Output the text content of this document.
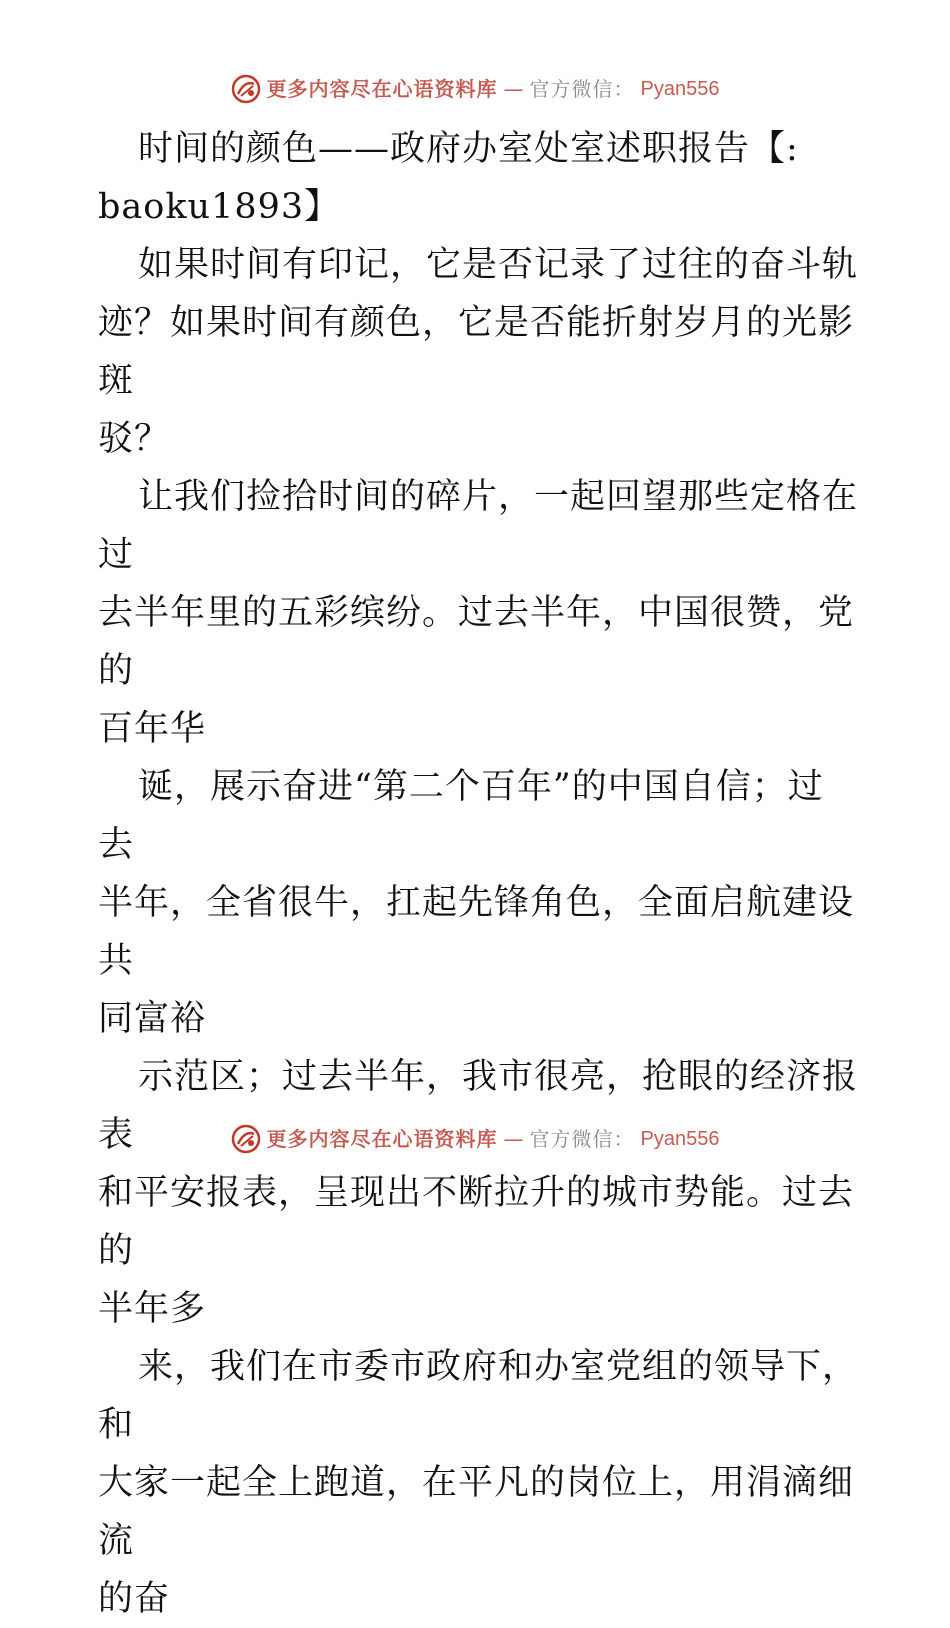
更多内容尽在心语资料库 — 官方微信： Pyan556

时间的颜色——政府办室处室述职报告【:
baoku1893】

如果时间有印记，它是否记录了过往的奋斗轨
迹？如果时间有颜色，它是否能折射岁月的光影斑
驳？

让我们捡拾时间的碎片，一起回望那些定格在过
去半年里的五彩缤纷。过去半年，中国很赞，党的
百年华

诞，展示奋进“第二个百年”的中国自信；过去
半年，全省很牛，扛起先锋角色，全面启航建设共
同富裕

示范区；过去半年，我市很亮，抢眼的经济报表
和平安报表，呈现出不断拉升的城市势能。过去的
半年多

来，我们在市委市政府和办室党组的领导下，和
大家一起全上跑道，在平凡的岗位上，用涓滴细流
的奋

更多内容尽在心语资料库 — 官方微信： Pyan556
